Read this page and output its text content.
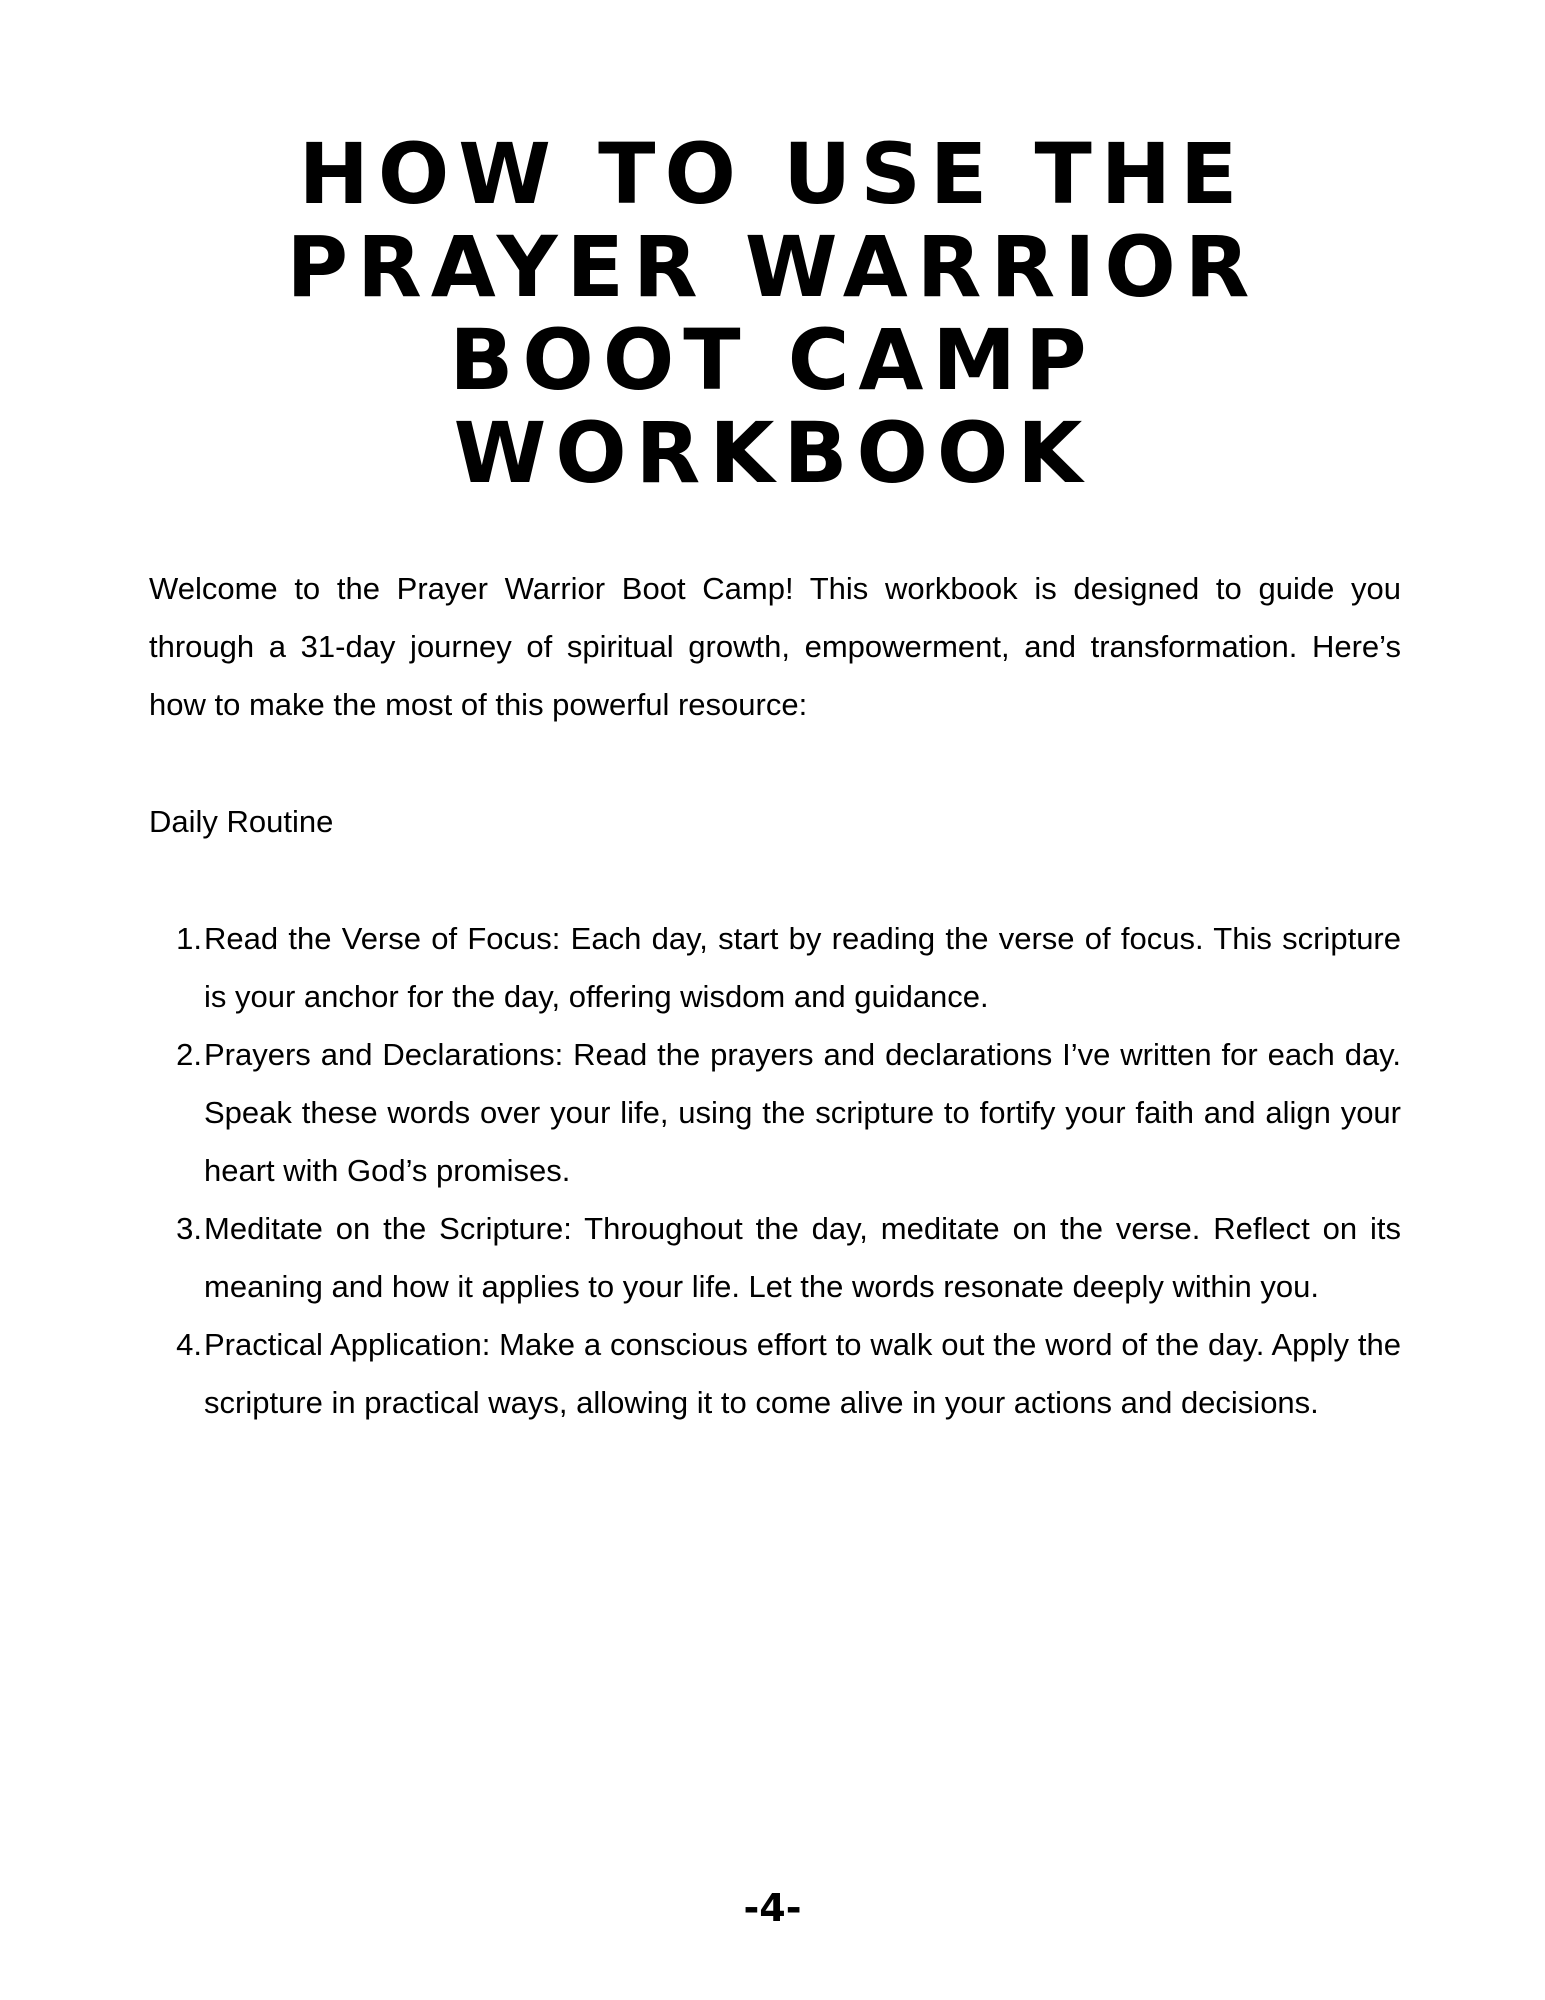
HOW TO USE THE
PRAYER WARRIOR
BOOT CAMP
WORKBOOK

Welcome to the Prayer Warrior Boot Camp! This workbook is designed to guide you through a 31-day journey of spiritual growth, empowerment, and transformation. Here’s how to make the most of this powerful resource:

Daily Routine

1. Read the Verse of Focus: Each day, start by reading the verse of focus. This scripture is your anchor for the day, offering wisdom and guidance.
2. Prayers and Declarations: Read the prayers and declarations I’ve written for each day. Speak these words over your life, using the scripture to fortify your faith and align your heart with God’s promises.
3. Meditate on the Scripture: Throughout the day, meditate on the verse. Reflect on its meaning and how it applies to your life. Let the words resonate deeply within you.
4. Practical Application: Make a conscious effort to walk out the word of the day. Apply the scripture in practical ways, allowing it to come alive in your actions and decisions.
-4-
